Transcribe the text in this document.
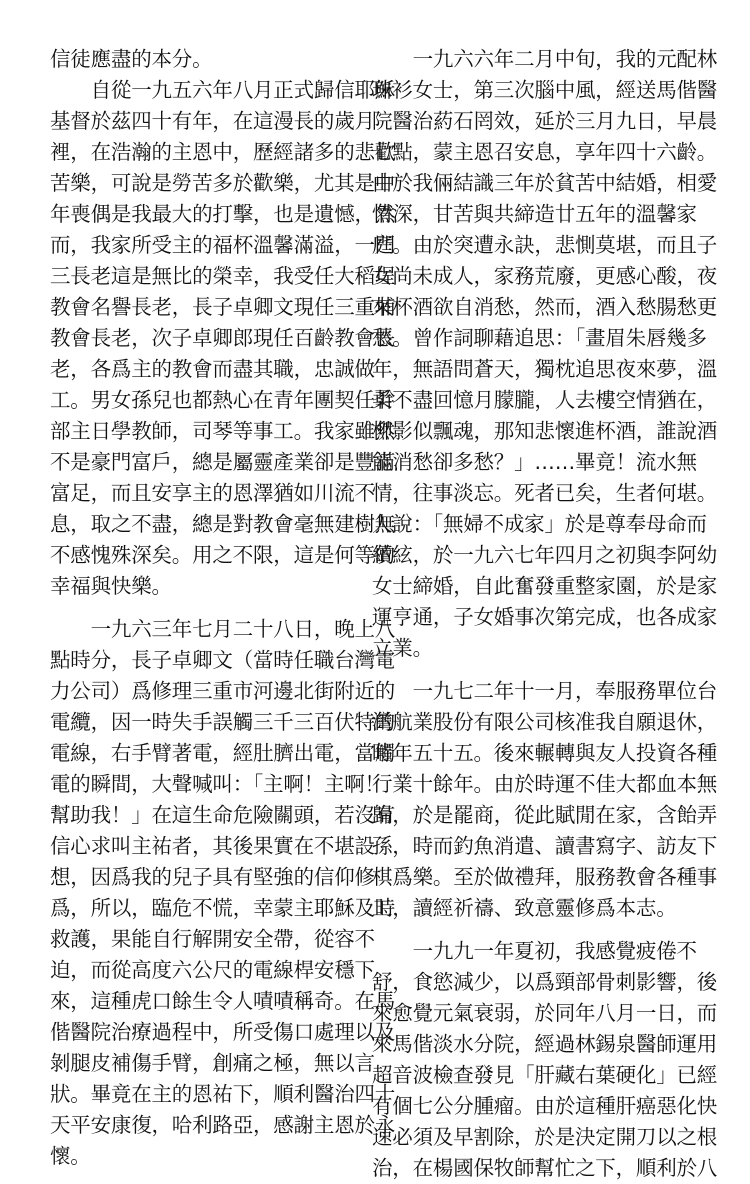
信徒應盡的本分。
　　自從一九五六年八月正式歸信耶穌
基督於茲四十有年，在這漫長的歲月
裡，在浩瀚的主恩中，歷經諸多的悲歡
苦樂，可說是勞苦多於歡樂，尤其是中
年喪偶是我最大的打擊，也是遺憾，然
而，我家所受主的福杯溫馨滿溢，一門
三長老這是無比的榮幸，我受任大稻埕
教會名譽長老，長子卓卿文現任三重埔
教會長老，次子卓卿郎現任百齡教會長
老，各爲主的教會而盡其職，忠誠做
工。男女孫兒也都熱心在青年團契任幹
部主日學教師，司琴等事工。我家雖然
不是豪門富戶，總是屬靈產業卻是豐滿
富足，而且安享主的恩澤猶如川流不
息，取之不盡，總是對教會毫無建樹無
不感愧殊深矣。用之不限，這是何等的
幸福與快樂。
　　一九六三年七月二十八日，晚上八
點時分，長子卓卿文（當時任職台灣電
力公司）爲修理三重市河邊北街附近的
電纜，因一時失手誤觸三千三百伏特的
電線，右手臂著電，經肚臍出電，當觸
電的瞬間，大聲喊叫：「主啊！主啊！
幫助我！」在這生命危險關頭，若沒有
信心求叫主祐者，其後果實在不堪設
想，因爲我的兒子具有堅強的信仰修
爲，所以，臨危不慌，幸蒙主耶穌及時
救護，果能自行解開安全帶，從容不
迫，而從高度六公尺的電線桿安穩下
來，這種虎口餘生令人嘖嘖稱奇。在馬
偕醫院治療過程中，所受傷口處理以及
剝腿皮補傷手臂，創痛之極，無以言
狀。畢竟在主的恩祐下，順利醫治四十
天平安康復，哈利路亞，感謝主恩於永
懷。
　　一九六六年二月中旬，我的元配林
珠衫女士，第三次腦中風，經送馬偕醫
院醫治葯石罔效，延於三月九日，早晨
七點，蒙主恩召安息，享年四十六齡。
由於我倆結識三年於貧苦中結婚，相愛
情深，甘苦與共締造廿五年的溫馨家
庭。由於突遭永訣，悲惻莫堪，而且子
女尚未成人，家務荒廢，更感心酸，夜
來杯酒欲自消愁，然而，酒入愁腸愁更
愁。曾作詞聊藉追思：「畫眉朱唇幾多
年，無語問蒼天，獨枕追思夜來夢，溫
柔不盡回憶月朦朧，人去樓空情猶在，
柳影似飄魂，那知悲懷進杯酒，誰說酒
能消愁卻多愁？」……畢竟！流水無
情，往事淡忘。死者已矣，生者何堪。
人說：「無婦不成家」於是尊奉母命而
續絃，於一九六七年四月之初與李阿幼
女士締婚，自此奮發重整家園，於是家
運亨通，子女婚事次第完成，也各成家
立業。
　　一九七二年十一月，奉服務單位台
灣航業股份有限公司核准我自願退休，
時年五十五。後來輾轉與友人投資各種
行業十餘年。由於時運不佳大都血本無
歸，於是罷商，從此賦閒在家，含飴弄
孫，時而釣魚消遣、讀書寫字、訪友下
棋爲樂。至於做禮拜，服務教會各種事
工，讀經祈禱、致意靈修爲本志。
　　一九九一年夏初，我感覺疲倦不
舒，食慾減少，以爲頸部骨刺影響，後
來愈覺元氣衰弱，於同年八月一日，而
來馬偕淡水分院，經過林錫泉醫師運用
超音波檢查發見「肝藏右葉硬化」已經
有個七公分腫瘤。由於這種肝癌惡化快
速必須及早割除，於是決定開刀以之根
治，在楊國保牧師幫忙之下，順利於八
